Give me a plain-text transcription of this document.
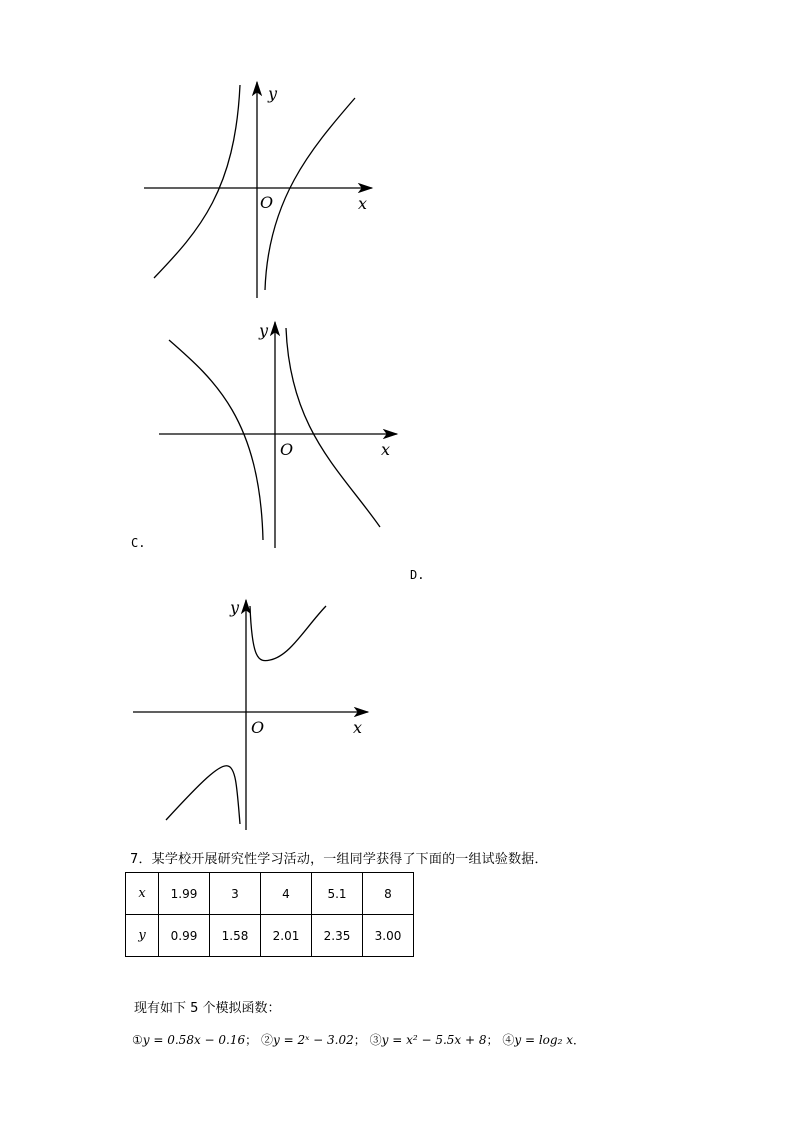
y
O	x
y
O	x
C.
D.
y
O	x
7．某学校开展研究性学习活动，一组同学获得了下面的一组试验数据．
x	1.99	3	4	5.1	8
y	0.99	1.58	2.01	2.35	3.00
现有如下 5 个模拟函数：
①y = 0.58x − 0.16； ②y = 2ˣ − 3.02； ③y = x² − 5.5x + 8； ④y = log₂ x．
